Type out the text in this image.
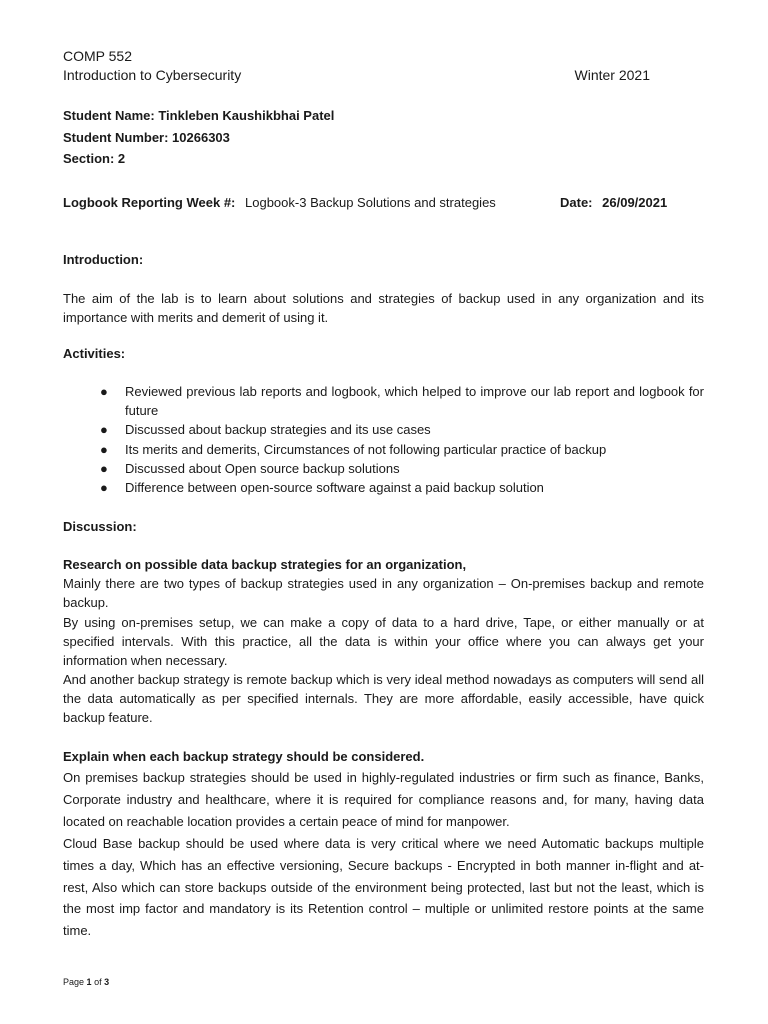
COMP 552
Introduction to Cybersecurity	Winter 2021
Student Name: Tinkleben Kaushikbhai Patel
Student Number: 10266303
Section: 2
Logbook Reporting Week #: Logbook-3 Backup Solutions and strategies	Date: 26/09/2021
Introduction:
The aim of the lab is to learn about solutions and strategies of backup used in any organization and its importance with merits and demerit of using it.
Activities:
● Reviewed previous lab reports and logbook, which helped to improve our lab report and logbook for future
● Discussed about backup strategies and its use cases
● Its merits and demerits, Circumstances of not following particular practice of backup
● Discussed about Open source backup solutions
● Difference between open-source software against a paid backup solution
Discussion:
Research on possible data backup strategies for an organization,
Mainly there are two types of backup strategies used in any organization – On-premises backup and remote backup.
By using on-premises setup, we can make a copy of data to a hard drive, Tape, or either manually or at specified intervals. With this practice, all the data is within your office where you can always get your information when necessary.
And another backup strategy is remote backup which is very ideal method nowadays as computers will send all the data automatically as per specified internals. They are more affordable, easily accessible, have quick backup feature.
Explain when each backup strategy should be considered.
On premises backup strategies should be used in highly-regulated industries or firm such as finance, Banks, Corporate industry and healthcare, where it is required for compliance reasons and, for many, having data located on reachable location provides a certain peace of mind for manpower.
Cloud Base backup should be used where data is very critical where we need Automatic backups multiple times a day, Which has an effective versioning, Secure backups - Encrypted in both manner in-flight and at-rest, Also which can store backups outside of the environment being protected, last but not the least, which is the most imp factor and mandatory is its Retention control – multiple or unlimited restore points at the same time.
Page 1 of 3
